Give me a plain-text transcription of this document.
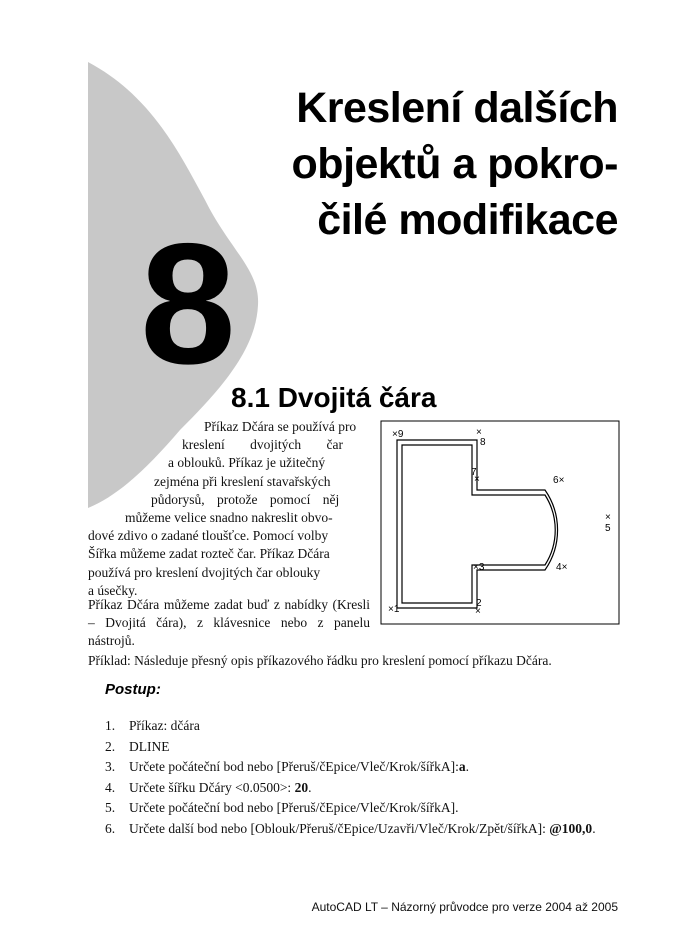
Kreslení dalších
objektů a pokro-
čilé modifikace
8
8.1 Dvojitá čára
Příkaz Dčára se používá pro
kreslení dvojitých čar
a oblouků. Příkaz je užitečný
zejména při kreslení stavařských
půdorysů, protože pomocí něj
můžeme velice snadno nakreslit obvo-
dové zdivo o zadané tloušťce. Pomocí volby
Šířka můžeme zadat rozteč čar. Příkaz Dčára
používá pro kreslení dvojitých čar oblouky
a úsečky.
Příkaz Dčára můžeme zadat buď z nabídky (Kresli – Dvojitá čára), z klávesnice nebo z panelu nástrojů.
Příklad: Následuje přesný opis příkazového řádku pro kreslení pomocí příkazu Dčára.
×9	×
8
7
×	6×
×
5
4×
×3
2
×
×1
Postup:
1. Příkaz: dčára
2. DLINE
3. Určete počáteční bod nebo [Přeruš/čEpice/Vleč/Krok/šířkA]:a.
4. Určete šířku Dčáry <0.0500>: 20.
5. Určete počáteční bod nebo [Přeruš/čEpice/Vleč/Krok/šířkA].
6. Určete další bod nebo [Oblouk/Přeruš/čEpice/Uzavři/Vleč/Krok/Zpět/šířkA]: @100,0.
AutoCAD LT – Názorný průvodce pro verze 2004 až 2005
